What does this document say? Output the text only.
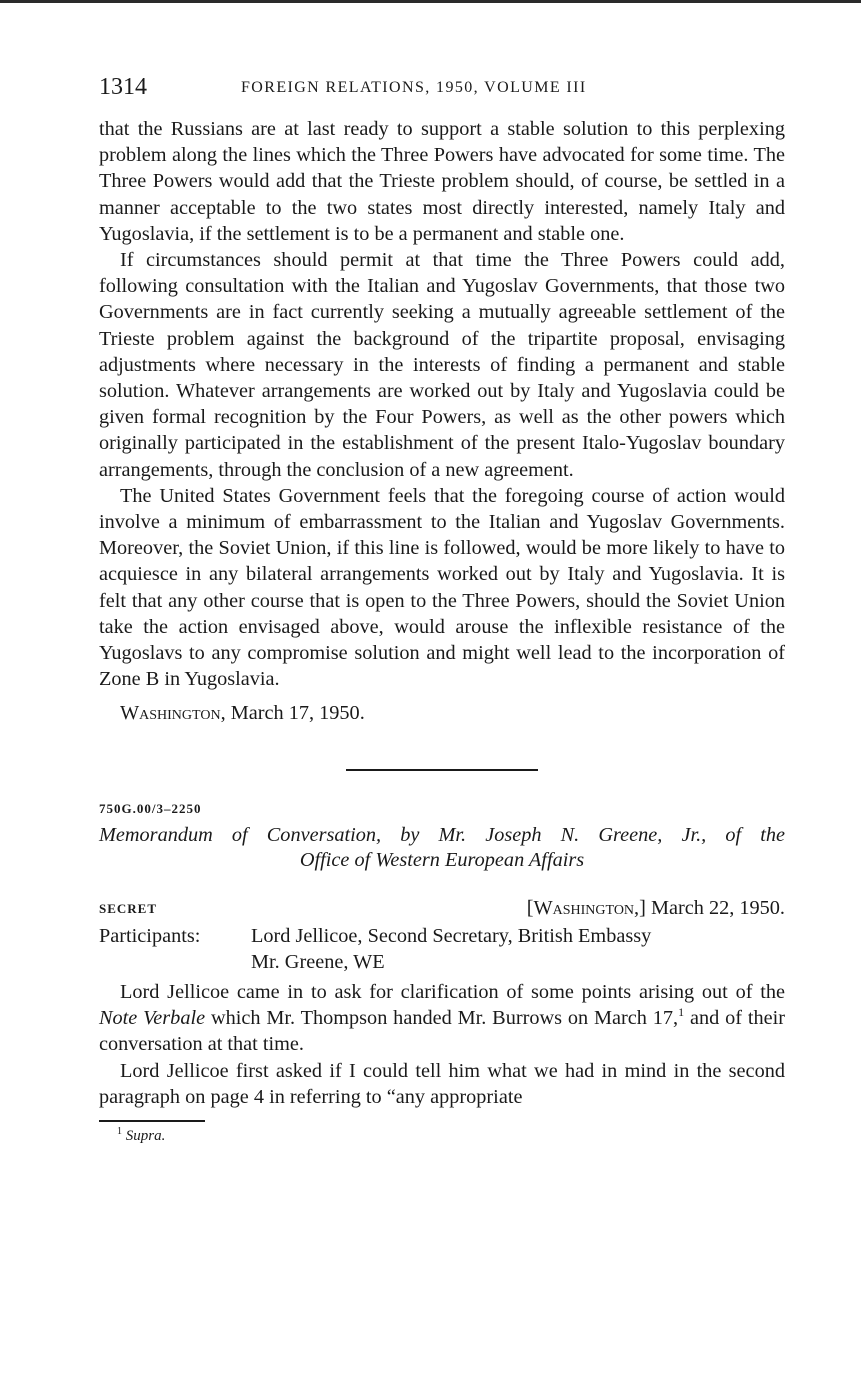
1314	FOREIGN RELATIONS, 1950, VOLUME III

that the Russians are at last ready to support a stable solution to this perplexing problem along the lines which the Three Powers have advocated for some time. The Three Powers would add that the Trieste problem should, of course, be settled in a manner acceptable to the two states most directly interested, namely Italy and Yugoslavia, if the settlement is to be a permanent and stable one.

If circumstances should permit at that time the Three Powers could add, following consultation with the Italian and Yugoslav Governments, that those two Governments are in fact currently seeking a mutually agreeable settlement of the Trieste problem against the background of the tripartite proposal, envisaging adjustments where necessary in the interests of finding a permanent and stable solution. Whatever arrangements are worked out by Italy and Yugoslavia could be given formal recognition by the Four Powers, as well as the other powers which originally participated in the establishment of the present Italo-Yugoslav boundary arrangements, through the conclusion of a new agreement.

The United States Government feels that the foregoing course of action would involve a minimum of embarrassment to the Italian and Yugoslav Governments. Moreover, the Soviet Union, if this line is followed, would be more likely to have to acquiesce in any bilateral arrangements worked out by Italy and Yugoslavia. It is felt that any other course that is open to the Three Powers, should the Soviet Union take the action envisaged above, would arouse the inflexible resistance of the Yugoslavs to any compromise solution and might well lead to the incorporation of Zone B in Yugoslavia.

Washington, March 17, 1950.
750G.00/3–2250
Memorandum of Conversation, by Mr. Joseph N. Greene, Jr., of the
Office of Western European Affairs
SECRET	[Washington,] March 22, 1950.
Participants:	Lord Jellicoe, Second Secretary, British Embassy
Mr. Greene, WE

Lord Jellicoe came in to ask for clarification of some points arising out of the Note Verbale which Mr. Thompson handed Mr. Burrows on March 17,$^1$ and of their conversation at that time.

Lord Jellicoe first asked if I could tell him what we had in mind in the second paragraph on page 4 in referring to “any appropriate

$^1$ Supra.
